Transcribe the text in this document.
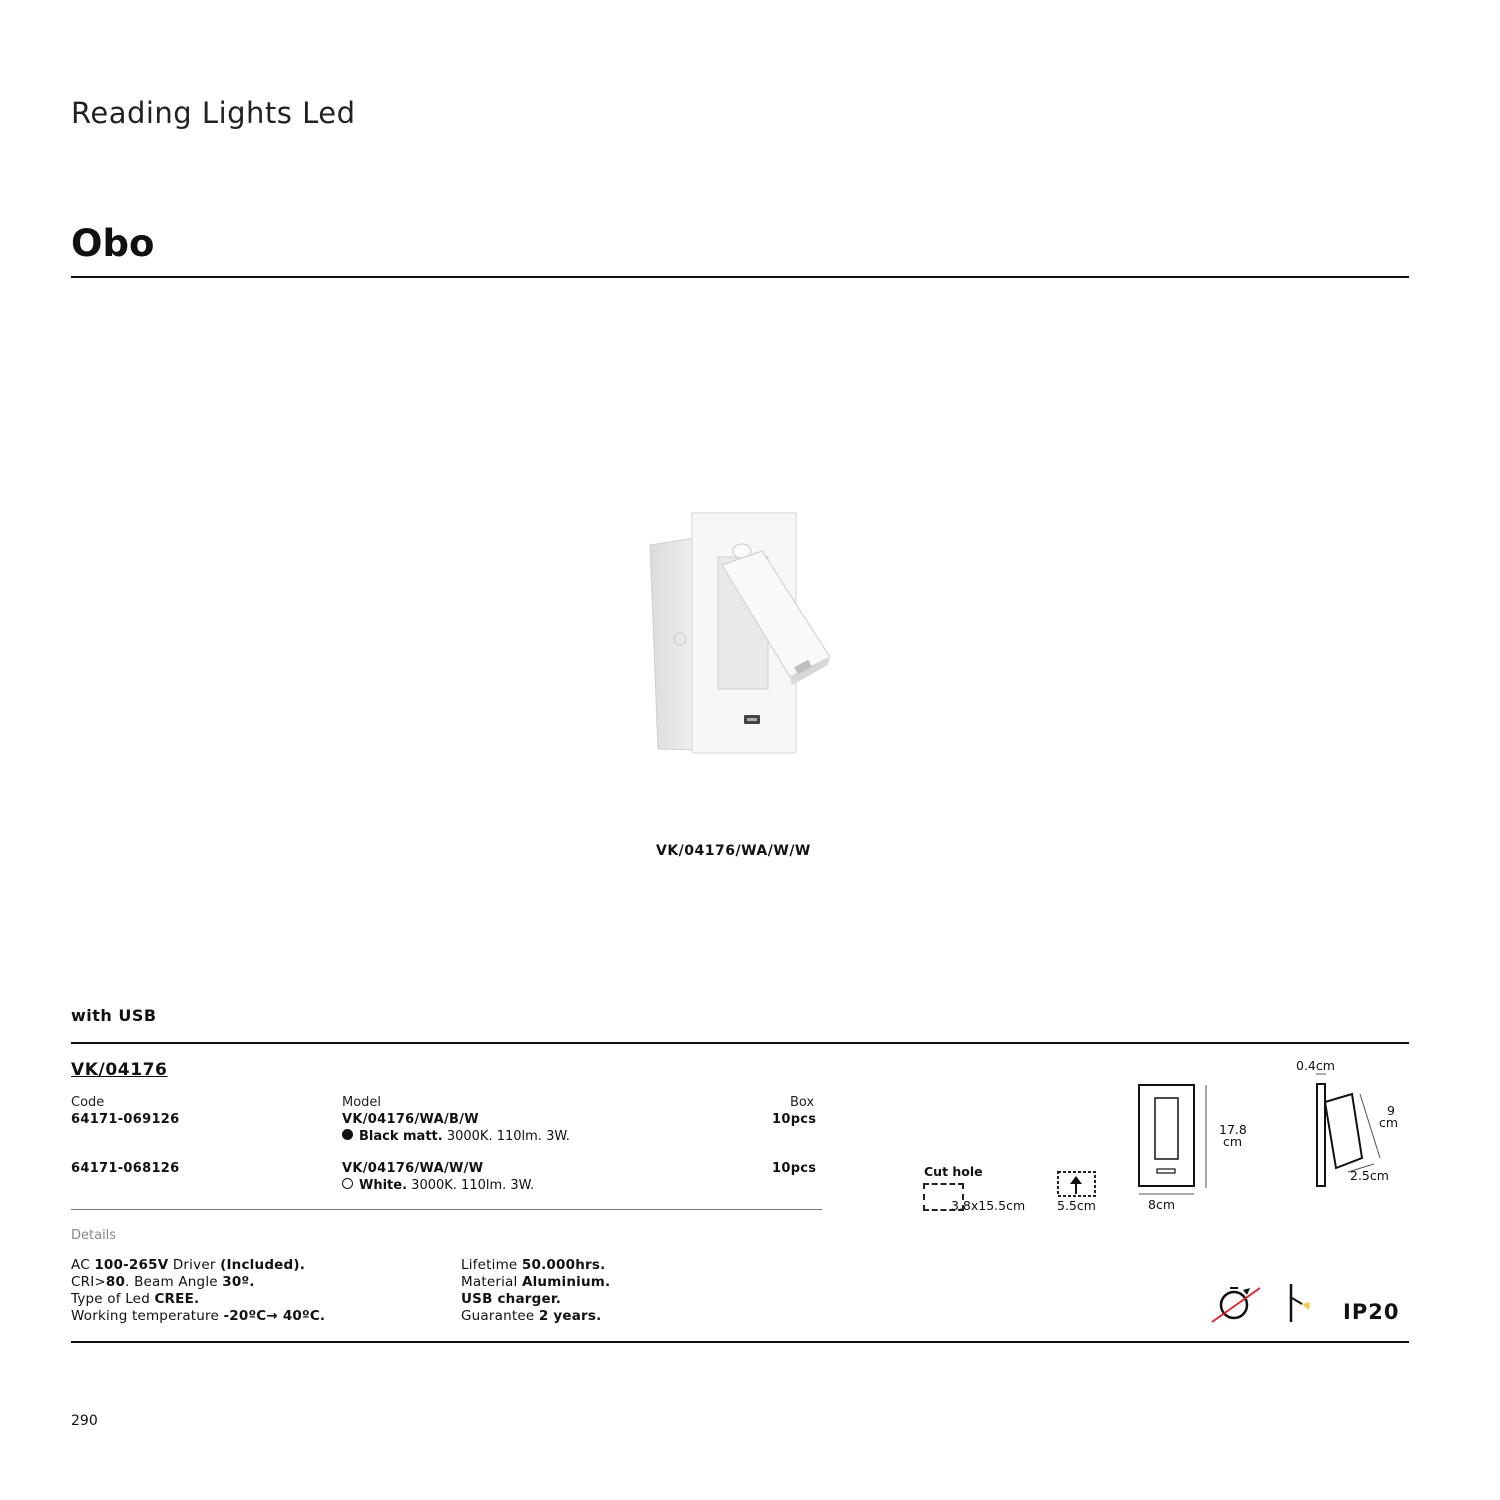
Reading Lights Led
Obo
VK/04176/WA/W/W
with USB
VK/04176
Code	Model	Box
64171-069126	VK/04176/WA/B/W	10pcs
Black matt. 3000K. 110lm. 3W.
64171-068126	VK/04176/WA/W/W	10pcs
White. 3000K. 110lm. 3W.
Cut hole
3.8x15.5cm	5.5cm
17.8
cm
8cm
0.4cm
9
cm
2.5cm
Details
AC 100-265V Driver (Included).
CRI>80. Beam Angle 30º.
Type of Led CREE.
Working temperature -20ºC→ 40ºC.
Lifetime 50.000hrs.
Material Aluminium.
USB charger.
Guarantee 2 years.	IP20
290
